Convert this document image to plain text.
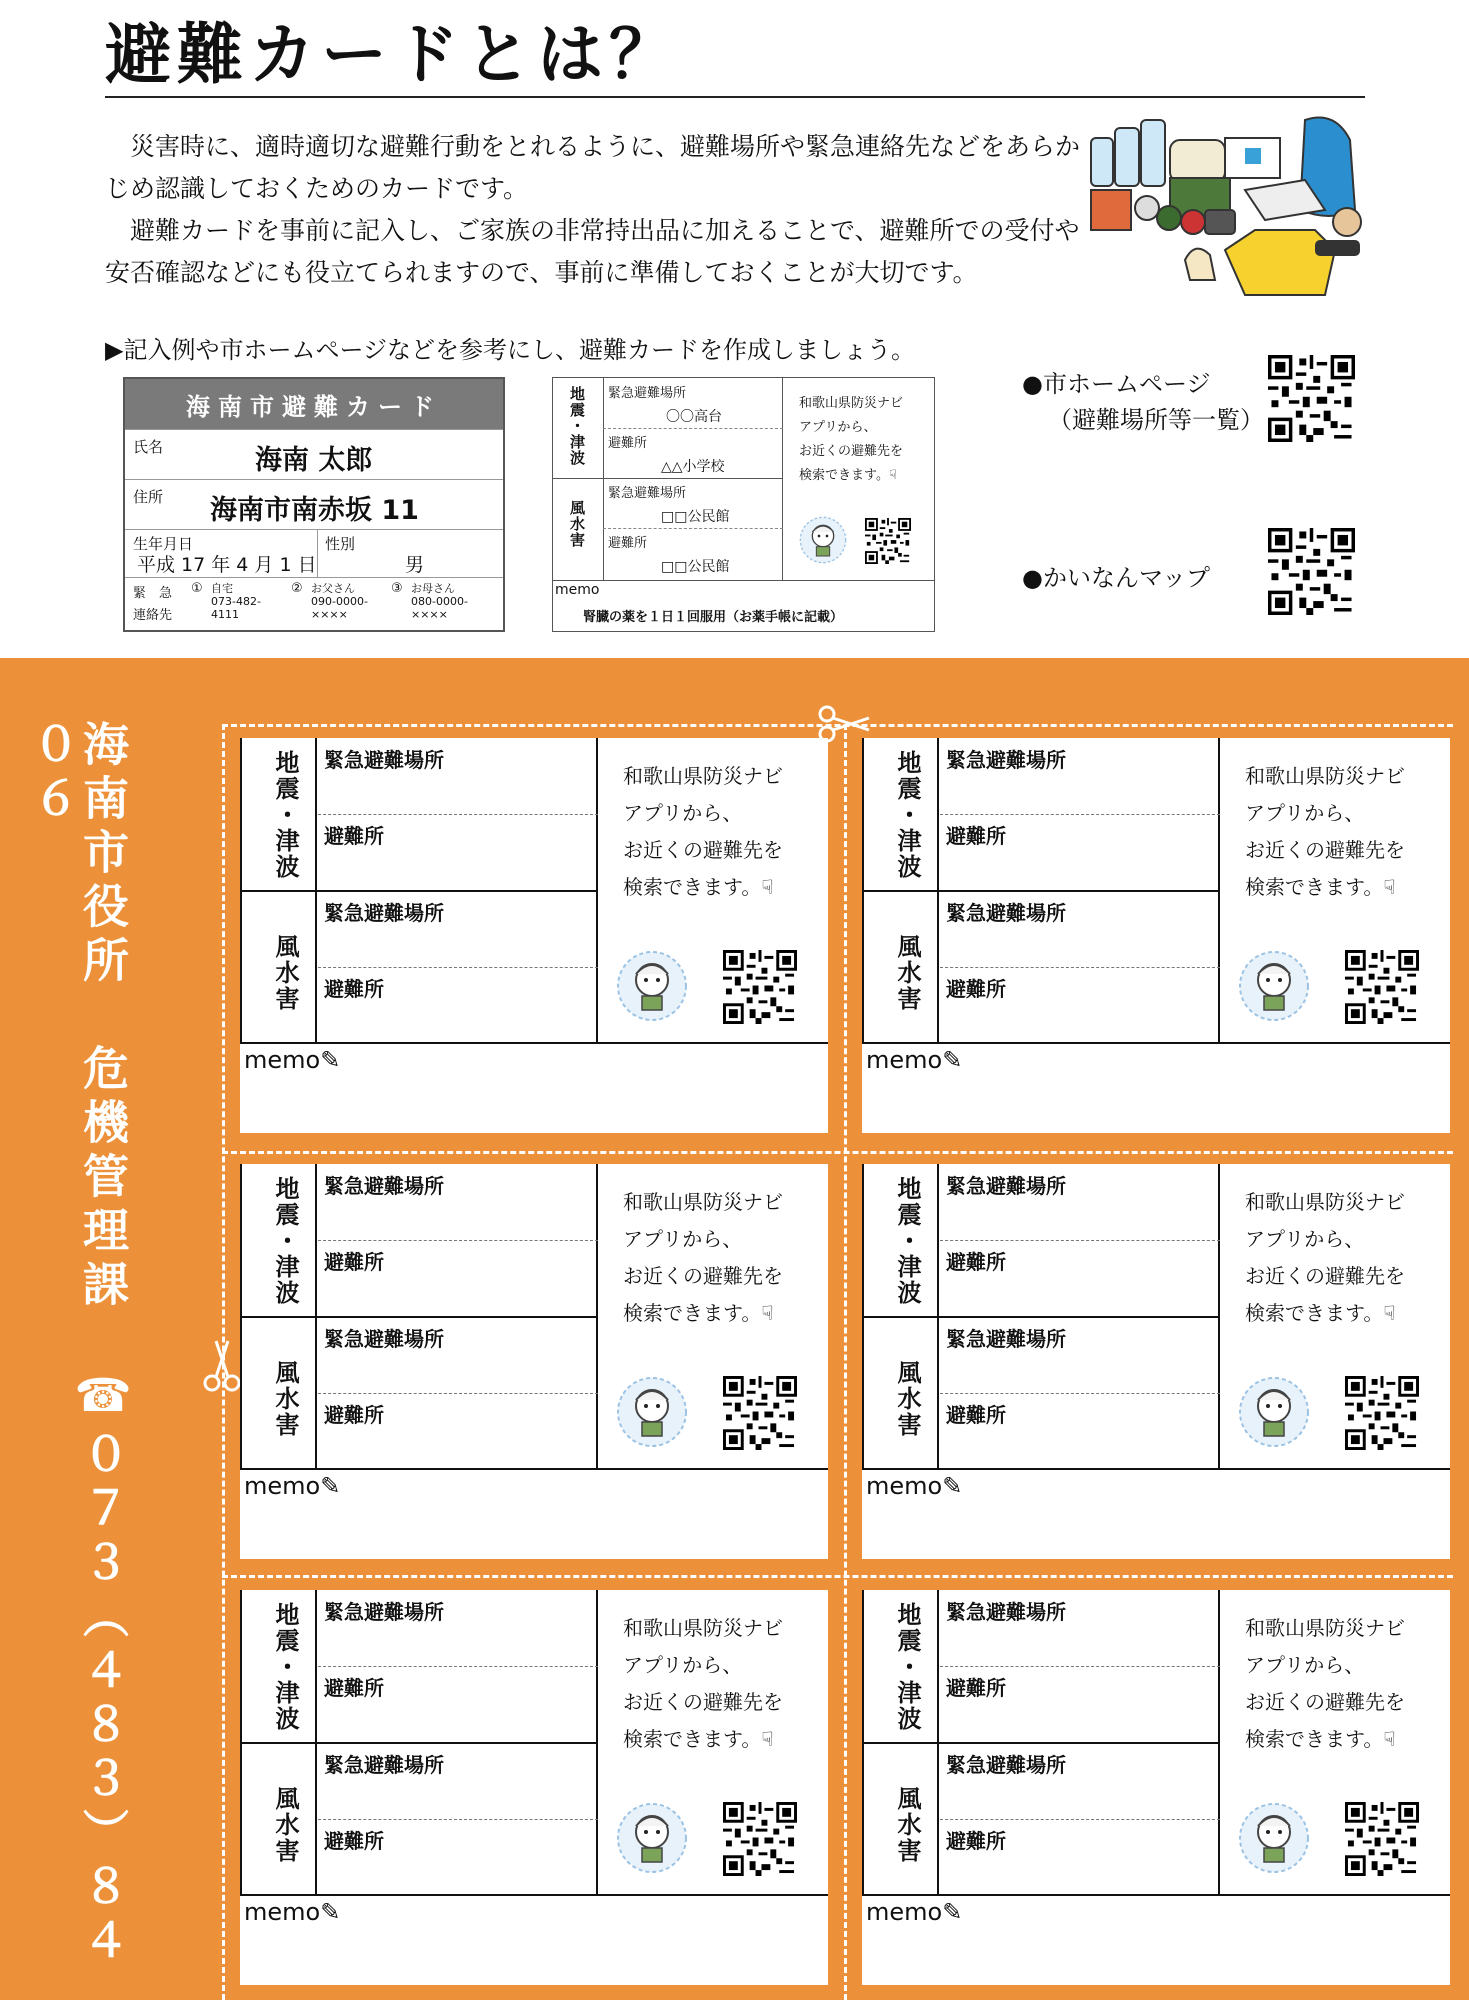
避難カードとは？

災害時に、適時適切な避難行動をとれるように、避難場所や緊急連絡先などをあらかじめ認識しておくためのカードです。

避難カードを事前に記入し、ご家族の非常持出品に加えることで、避難所での受付や安否確認などにも役立てられますので、事前に準備しておくことが大切です。

▶記入例や市ホームページなどを参考にし、避難カードを作成しましょう。
海南市避難カード
氏名	海南 太郎
住所 海南市南赤坂 11
生年月日
平成 17 年 4 月 1 日
性別
男
緊　急
連絡先
① 自宅
073-482-
4111
② お父さん
090-0000-
××××
③ お母さん
080-0000-
××××
地震・津波
風水害
緊急避難場所
〇〇高台
避難所
△△小学校
緊急避難場所
□□公民館
避難所
□□公民館
和歌山県防災ナビ
アプリから、
お近くの避難先を
検索できます。☟
memo
腎臓の薬を１日１回服用（お薬手帳に記載）
●市ホームページ
（避難場所等一覧）
●かいなんマップ
海南市役所　危機管理課　☎０７３（４８３）８４０６	地震・津波
風水害
緊急避難場所
避難所
緊急避難場所
避難所
和歌山県防災ナビ
アプリから、
お近くの避難先を
検索できます。☟
memo✎
地震・津波
風水害
緊急避難場所
避難所
緊急避難場所
避難所
和歌山県防災ナビ
アプリから、
お近くの避難先を
検索できます。☟
memo✎
地震・津波
風水害
緊急避難場所
避難所
緊急避難場所
避難所
和歌山県防災ナビ
アプリから、
お近くの避難先を
検索できます。☟
memo✎
地震・津波
風水害
緊急避難場所
避難所
緊急避難場所
避難所
和歌山県防災ナビ
アプリから、
お近くの避難先を
検索できます。☟
memo✎
地震・津波
風水害
緊急避難場所
避難所
緊急避難場所
避難所
和歌山県防災ナビ
アプリから、
お近くの避難先を
検索できます。☟
memo✎
地震・津波
風水害
緊急避難場所
避難所
緊急避難場所
避難所
和歌山県防災ナビ
アプリから、
お近くの避難先を
検索できます。☟
memo✎
